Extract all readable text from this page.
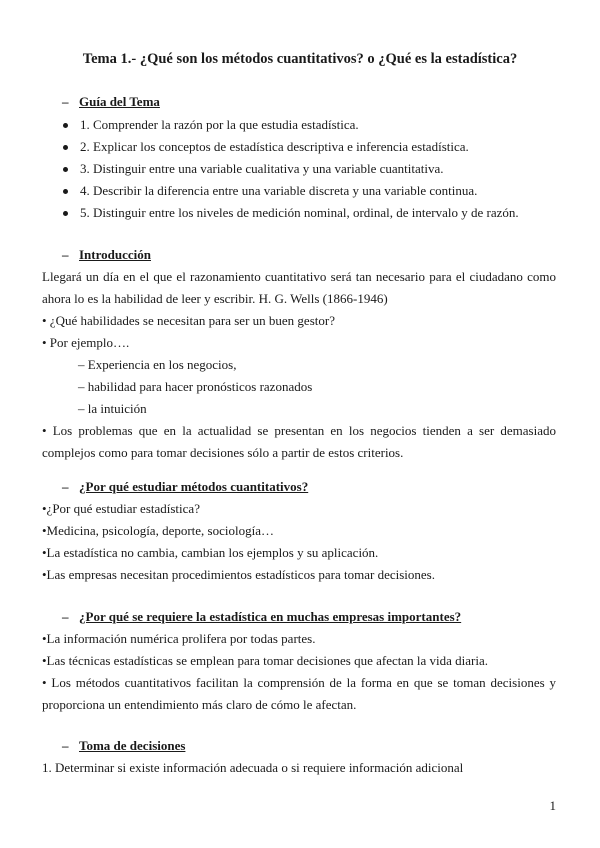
Tema 1.- ¿Qué son los métodos cuantitativos? o ¿Qué es la estadística?
– Guía del Tema
1. Comprender la razón por la que estudia estadística.
2. Explicar los conceptos de estadística descriptiva e inferencia estadística.
3. Distinguir entre una variable cualitativa y una variable cuantitativa.
4. Describir la diferencia entre una variable discreta y una variable continua.
5. Distinguir entre los niveles de medición nominal, ordinal, de intervalo y de razón.
– Introducción
Llegará un día en el que el razonamiento cuantitativo será tan necesario para el ciudadano como ahora lo es la habilidad de leer y escribir. H. G. Wells (1866-1946)
• ¿Qué habilidades se necesitan para ser un buen gestor?
• Por ejemplo….
– Experiencia en los negocios,
– habilidad para hacer pronósticos razonados
– la intuición
• Los problemas que en la actualidad se presentan en los negocios tienden a ser demasiado complejos como para tomar decisiones sólo a partir de estos criterios.
– ¿Por qué estudiar métodos cuantitativos?
•¿Por qué estudiar estadística?
•Medicina, psicología, deporte, sociología…
•La estadística no cambia, cambian los ejemplos y su aplicación.
•Las empresas necesitan procedimientos estadísticos para tomar decisiones.
– ¿Por qué se requiere la estadística en muchas empresas importantes?
•La información numérica prolifera por todas partes.
•Las técnicas estadísticas se emplean para tomar decisiones que afectan la vida diaria.
• Los métodos cuantitativos facilitan la comprensión de la forma en que se toman decisiones y proporciona un entendimiento más claro de cómo le afectan.
– Toma de decisiones
1. Determinar si existe información adecuada o si requiere información adicional
1
